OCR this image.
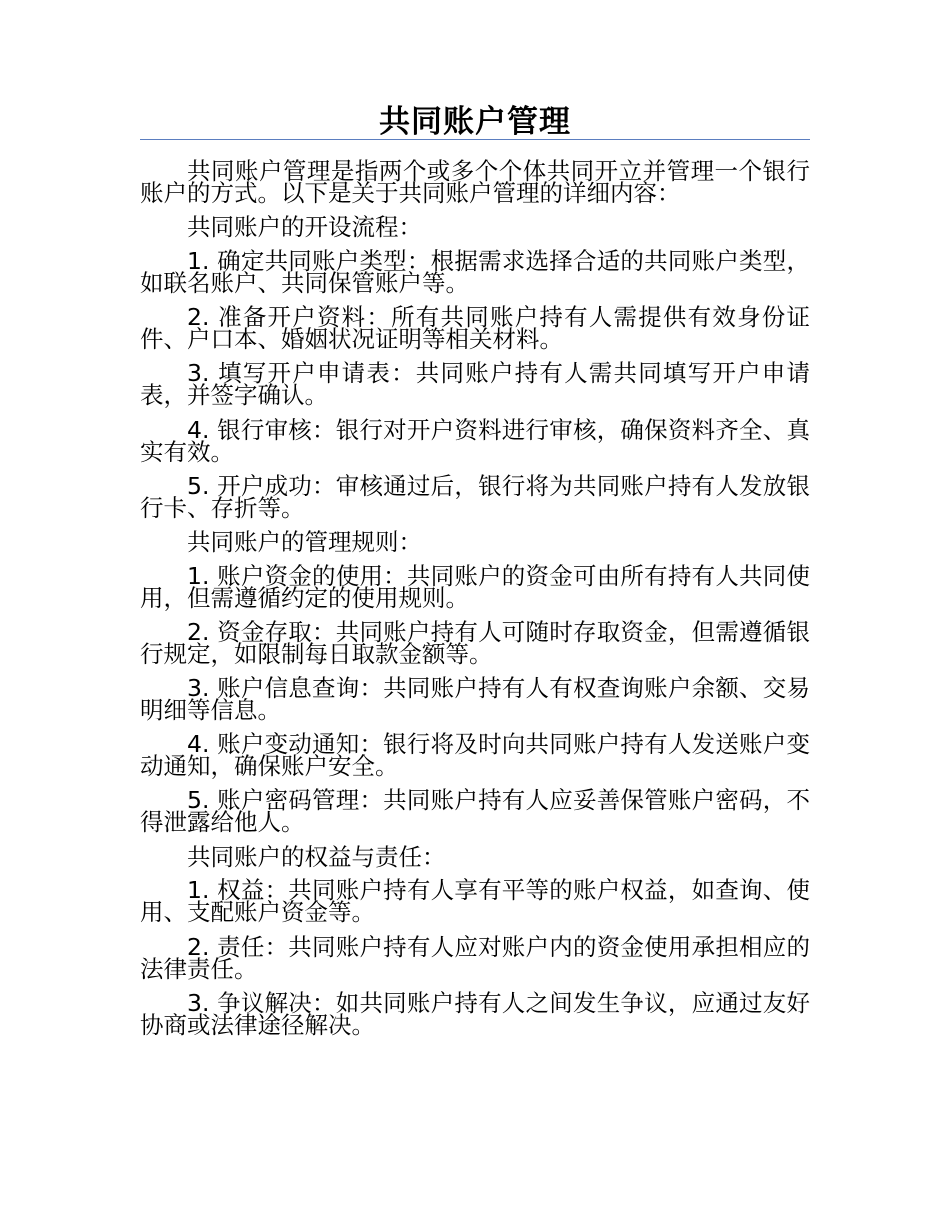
共同账户管理

共同账户管理是指两个或多个个体共同开立并管理一个银行账户的方式。以下是关于共同账户管理的详细内容：

共同账户的开设流程：

1. 确定共同账户类型：根据需求选择合适的共同账户类型，如联名账户、共同保管账户等。

2. 准备开户资料：所有共同账户持有人需提供有效身份证件、户口本、婚姻状况证明等相关材料。

3. 填写开户申请表：共同账户持有人需共同填写开户申请表，并签字确认。

4. 银行审核：银行对开户资料进行审核，确保资料齐全、真实有效。

5. 开户成功：审核通过后，银行将为共同账户持有人发放银行卡、存折等。

共同账户的管理规则：

1. 账户资金的使用：共同账户的资金可由所有持有人共同使用，但需遵循约定的使用规则。

2. 资金存取：共同账户持有人可随时存取资金，但需遵循银行规定，如限制每日取款金额等。

3. 账户信息查询：共同账户持有人有权查询账户余额、交易明细等信息。

4. 账户变动通知：银行将及时向共同账户持有人发送账户变动通知，确保账户安全。

5. 账户密码管理：共同账户持有人应妥善保管账户密码，不得泄露给他人。

共同账户的权益与责任：

1. 权益：共同账户持有人享有平等的账户权益，如查询、使用、支配账户资金等。

2. 责任：共同账户持有人应对账户内的资金使用承担相应的法律责任。

3. 争议解决：如共同账户持有人之间发生争议，应通过友好协商或法律途径解决。
